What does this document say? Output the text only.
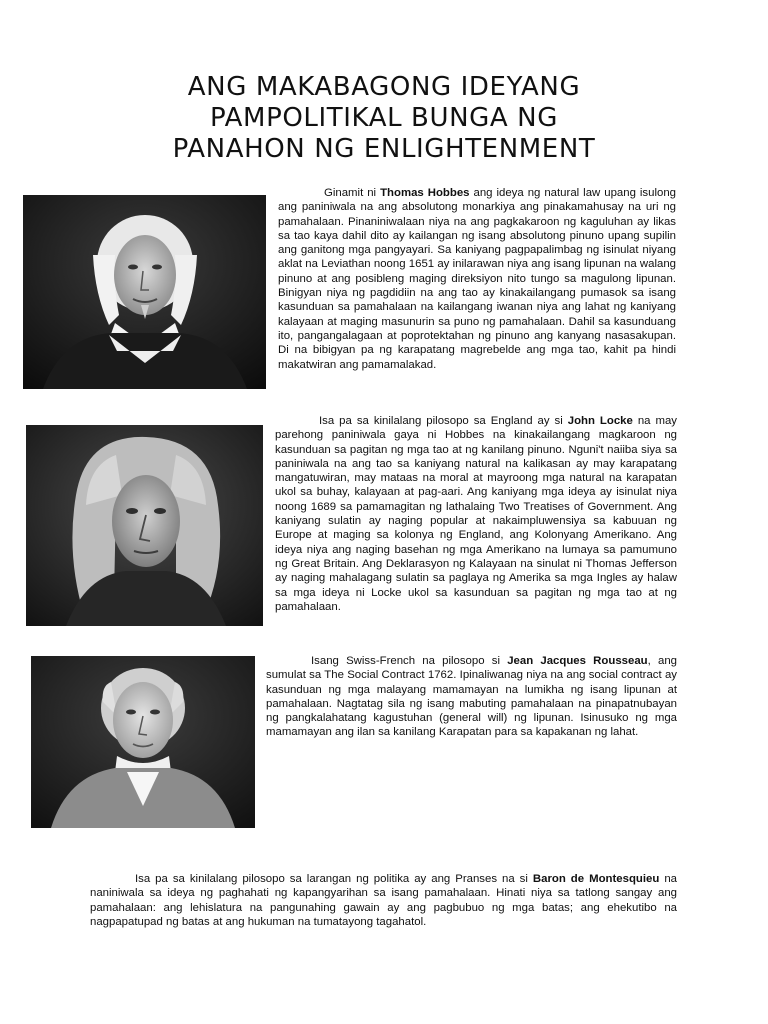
ANG MAKABAGONG IDEYANG
PAMPOLITIKAL BUNGA NG
PANAHON NG ENLIGHTENMENT

Ginamit ni Thomas Hobbes ang ideya ng natural law upang isulong ang paniniwala na ang absolutong monarkiya ang pinakamahusay na uri ng pamahalaan. Pinaniniwalaan niya na ang pagkakaroon ng kaguluhan ay likas sa tao kaya dahil dito ay kailangan ng isang absolutong pinuno upang supilin ang ganitong mga pangyayari. Sa kaniyang pagpapalimbag ng isinulat niyang aklat na Leviathan noong 1651 ay inilarawan niya ang isang lipunan na walang pinuno at ang posibleng maging direksiyon nito tungo sa magulong lipunan. Binigyan niya ng pagdidiin na ang tao ay kinakailangang pumasok sa isang kasunduan sa pamahalaan na kailangang iwanan niya ang lahat ng kaniyang kalayaan at maging masunurin sa puno ng pamahalaan. Dahil sa kasunduang ito, pangangalagaan at poprotektahan ng pinuno ang kanyang nasasakupan. Di na bibigyan pa ng karapatang magrebelde ang mga tao, kahit pa hindi makatwiran ang pamamalakad.

Isa pa sa kinilalang pilosopo sa England ay si John Locke na may parehong paniniwala gaya ni Hobbes na kinakailangang magkaroon ng kasunduan sa pagitan ng mga tao at ng kanilang pinuno. Nguni't naiiba siya sa paniniwala na ang tao sa kaniyang natural na kalikasan ay may karapatang mangatuwiran, may mataas na moral at mayroong mga natural na karapatan ukol sa buhay, kalayaan at pag-aari. Ang kaniyang mga ideya ay isinulat niya noong 1689 sa pamamagitan ng lathalaing Two Treatises of Government. Ang kaniyang sulatin ay naging popular at nakaimpluwensiya sa kabuuan ng Europe at maging sa kolonya ng England, ang Kolonyang Amerikano. Ang ideya niya ang naging basehan ng mga Amerikano na lumaya sa pamumuno ng Great Britain. Ang Deklarasyon ng Kalayaan na sinulat ni Thomas Jefferson ay naging mahalagang sulatin sa paglaya ng Amerika sa mga Ingles ay halaw sa mga ideya ni Locke ukol sa kasunduan sa pagitan ng mga tao at ng pamahalaan.

Isang Swiss-French na pilosopo si Jean Jacques Rousseau, ang sumulat sa The Social Contract 1762. Ipinaliwanag niya na ang social contract ay kasunduan ng mga malayang mamamayan na lumikha ng isang lipunan at pamahalaan. Nagtatag sila ng isang mabuting pamahalaan na pinapatnubayan ng pangkalahatang kagustuhan (general will) ng lipunan. Isinusuko ng mga mamamayan ang ilan sa kanilang Karapatan para sa kapakanan ng lahat.

Isa pa sa kinilalang pilosopo sa larangan ng politika ay ang Pranses na si Baron de Montesquieu na naniniwala sa ideya ng paghahati ng kapangyarihan sa isang pamahalaan. Hinati niya sa tatlong sangay ang pamahalaan: ang lehislatura na pangunahing gawain ay ang pagbubuo ng mga batas; ang ehekutibo na nagpapatupad ng batas at ang hukuman na tumatayong tagahatol.
